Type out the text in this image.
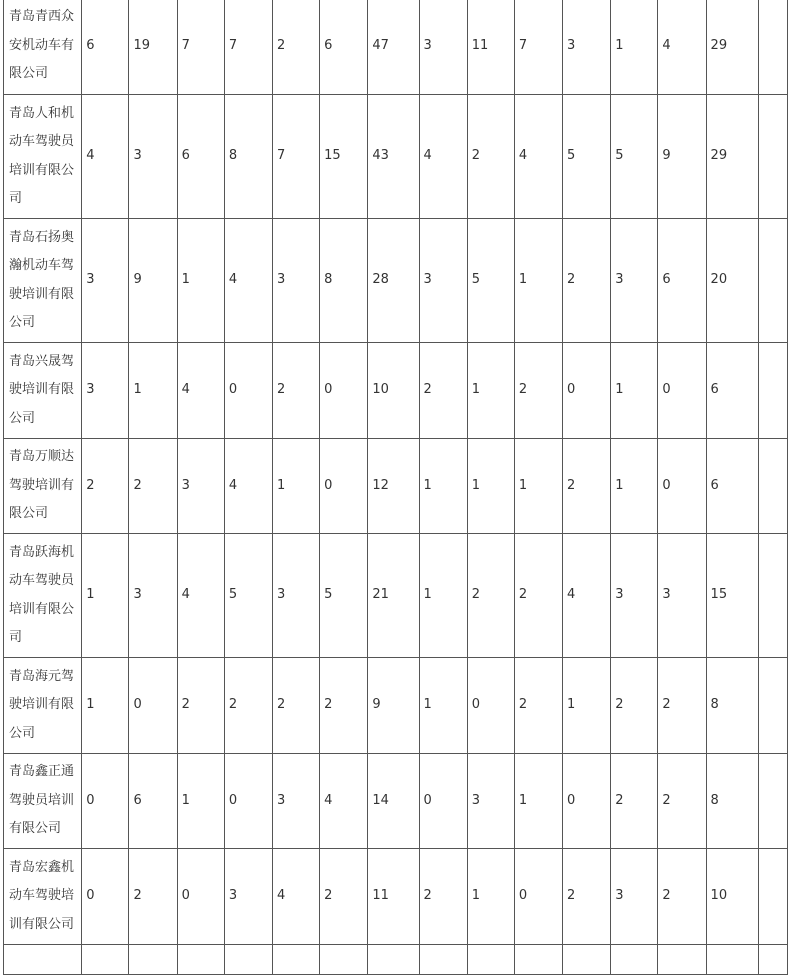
青岛青西众安机动车有限公司	6	19	7	7	2	6	47	3	11	7	3	1	4	29	

青岛人和机动车驾驶员培训有限公司	4	3	6	8	7	15	43	4	2	4	5	5	9	29	

青岛石扬奥瀚机动车驾驶培训有限公司	3	9	1	4	3	8	28	3	5	1	2	3	6	20	

青岛兴晟驾驶培训有限公司	3	1	4	0	2	0	10	2	1	2	0	1	0	6	

青岛万顺达驾驶培训有限公司	2	2	3	4	1	0	12	1	1	1	2	1	0	6	

青岛跃海机动车驾驶员培训有限公司	1	3	4	5	3	5	21	1	2	2	4	3	3	15	

青岛海元驾驶培训有限公司	1	0	2	2	2	2	9	1	0	2	1	2	2	8	

青岛鑫正通驾驶员培训有限公司	0	6	1	0	3	4	14	0	3	1	0	2	2	8	

青岛宏鑫机动车驾驶培训有限公司	0	2	0	3	4	2	11	2	1	0	2	3	2	10	
